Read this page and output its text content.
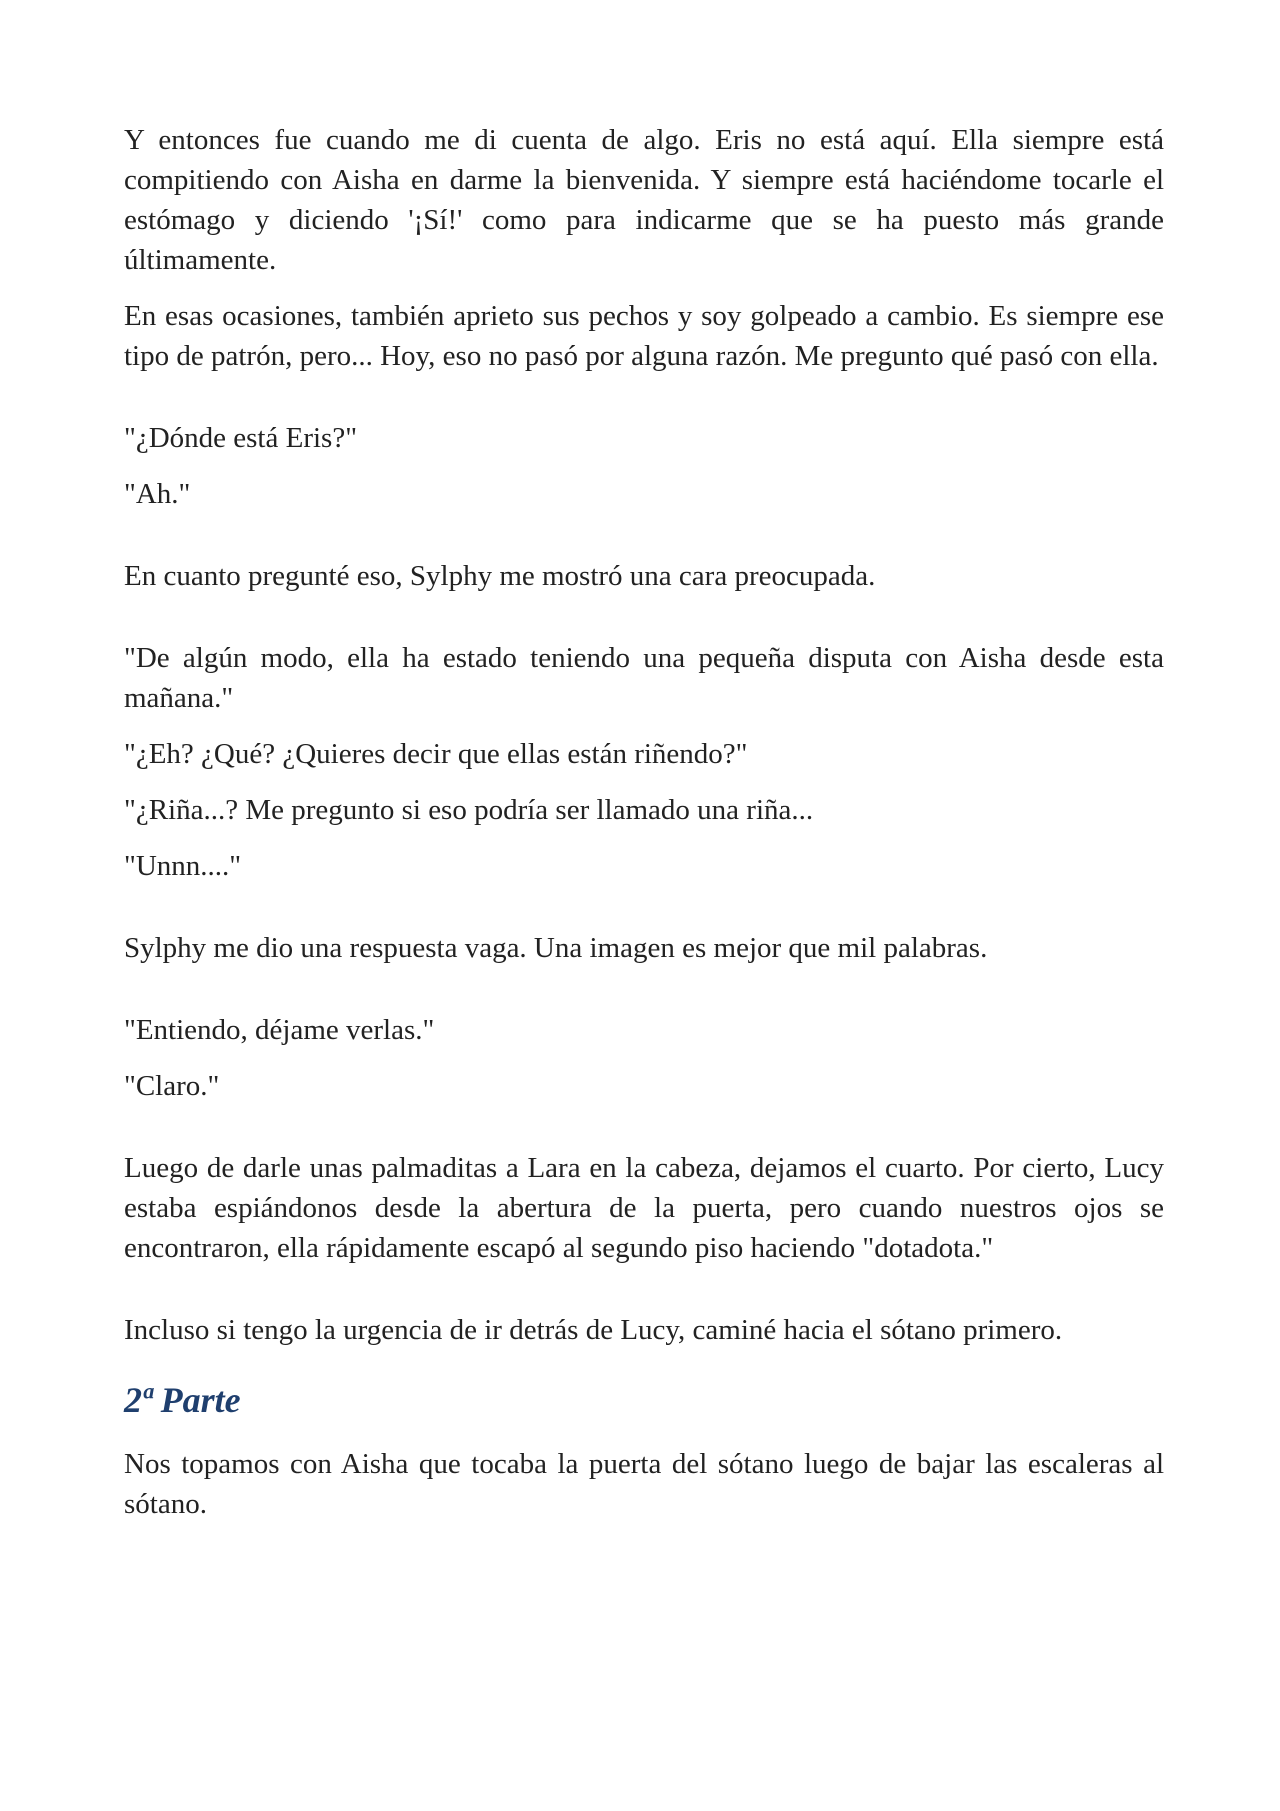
Y entonces fue cuando me di cuenta de algo. Eris no está aquí. Ella siempre está compitiendo con Aisha en darme la bienvenida. Y siempre está haciéndome tocarle el estómago y diciendo '¡Sí!' como para indicarme que se ha puesto más grande últimamente.

En esas ocasiones, también aprieto sus pechos y soy golpeado a cambio. Es siempre ese tipo de patrón, pero... Hoy, eso no pasó por alguna razón. Me pregunto qué pasó con ella.

"¿Dónde está Eris?"

"Ah."

En cuanto pregunté eso, Sylphy me mostró una cara preocupada.

"De algún modo, ella ha estado teniendo una pequeña disputa con Aisha desde esta mañana."

"¿Eh? ¿Qué? ¿Quieres decir que ellas están riñendo?"

"¿Riña...? Me pregunto si eso podría ser llamado una riña...

"Unnn...."

Sylphy me dio una respuesta vaga. Una imagen es mejor que mil palabras.

"Entiendo, déjame verlas."

"Claro."

Luego de darle unas palmaditas a Lara en la cabeza, dejamos el cuarto. Por cierto, Lucy estaba espiándonos desde la abertura de la puerta, pero cuando nuestros ojos se encontraron, ella rápidamente escapó al segundo piso haciendo "dotadota."

Incluso si tengo la urgencia de ir detrás de Lucy, caminé hacia el sótano primero.

2ª Parte

Nos topamos con Aisha que tocaba la puerta del sótano luego de bajar las escaleras al sótano.
